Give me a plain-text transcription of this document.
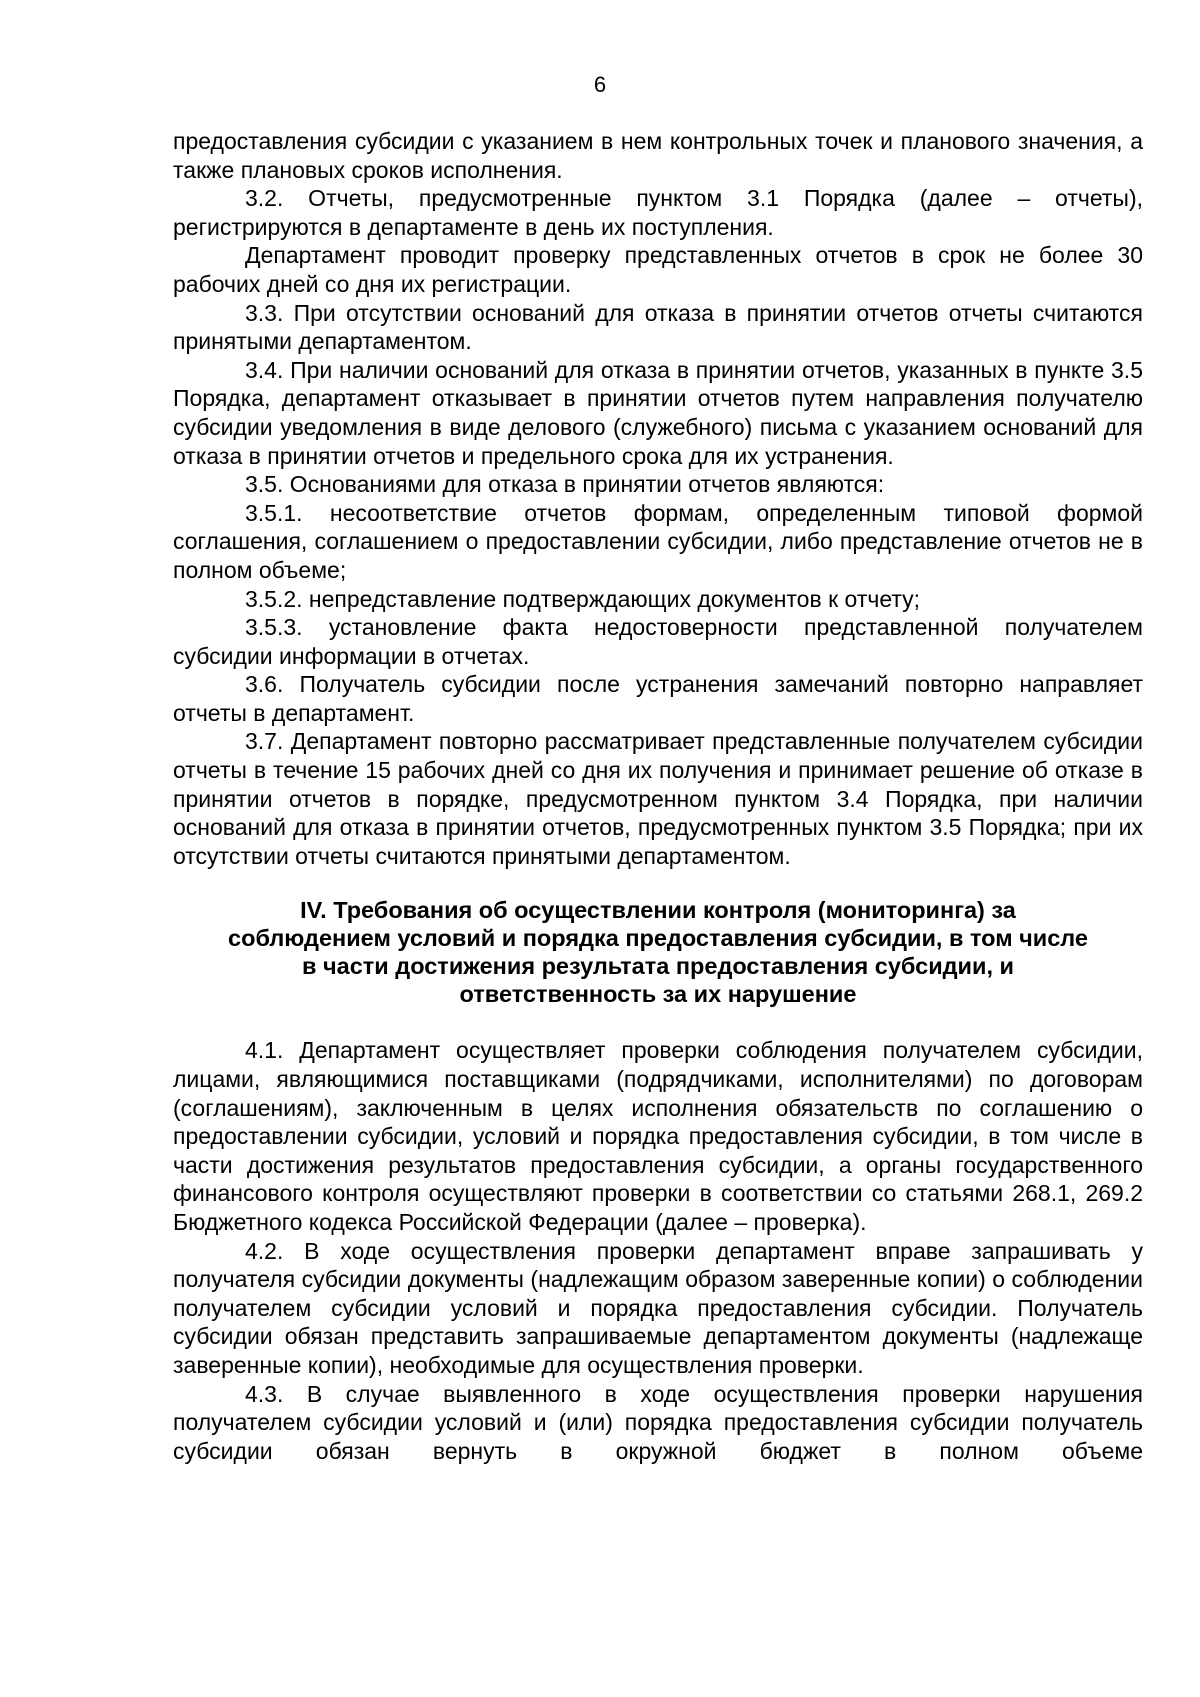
6

предоставления субсидии с указанием в нем контрольных точек и планового значения, а также плановых сроков исполнения.

3.2. Отчеты, предусмотренные пунктом 3.1 Порядка (далее – отчеты), регистрируются в департаменте в день их поступления.

Департамент проводит проверку представленных отчетов в срок не более 30 рабочих дней со дня их регистрации.

3.3. При отсутствии оснований для отказа в принятии отчетов отчеты считаются принятыми департаментом.

3.4. При наличии оснований для отказа в принятии отчетов, указанных в пункте 3.5 Порядка, департамент отказывает в принятии отчетов путем направления получателю субсидии уведомления в виде делового (служебного) письма с указанием оснований для отказа в принятии отчетов и предельного срока для их устранения.

3.5. Основаниями для отказа в принятии отчетов являются:

3.5.1. несоответствие отчетов формам, определенным типовой формой соглашения, соглашением о предоставлении субсидии, либо представление отчетов не в полном объеме;

3.5.2. непредставление подтверждающих документов к отчету;

3.5.3. установление факта недостоверности представленной получателем субсидии информации в отчетах.

3.6. Получатель субсидии после устранения замечаний повторно направляет отчеты в департамент.

3.7. Департамент повторно рассматривает представленные получателем субсидии отчеты в течение 15 рабочих дней со дня их получения и принимает решение об отказе в принятии отчетов в порядке, предусмотренном пунктом 3.4 Порядка, при наличии оснований для отказа в принятии отчетов, предусмотренных пунктом 3.5 Порядка; при их отсутствии отчеты считаются принятыми департаментом.

IV. Требования об осуществлении контроля (мониторинга) за
соблюдением условий и порядка предоставления субсидии, в том числе
в части достижения результата предоставления субсидии, и
ответственность за их нарушение

4.1. Департамент осуществляет проверки соблюдения получателем субсидии, лицами, являющимися поставщиками (подрядчиками, исполнителями) по договорам (соглашениям), заключенным в целях исполнения обязательств по соглашению о предоставлении субсидии, условий и порядка предоставления субсидии, в том числе в части достижения результатов предоставления субсидии, а органы государственного финансового контроля осуществляют проверки в соответствии со статьями 268.1, 269.2 Бюджетного кодекса Российской Федерации (далее – проверка).

4.2. В ходе осуществления проверки департамент вправе запрашивать у получателя субсидии документы (надлежащим образом заверенные копии) о соблюдении получателем субсидии условий и порядка предоставления субсидии. Получатель субсидии обязан представить запрашиваемые департаментом документы (надлежаще заверенные копии), необходимые для осуществления проверки.

4.3. В случае выявленного в ходе осуществления проверки нарушения получателем субсидии условий и (или) порядка предоставления субсидии получатель субсидии обязан вернуть в окружной бюджет в полном объеме
